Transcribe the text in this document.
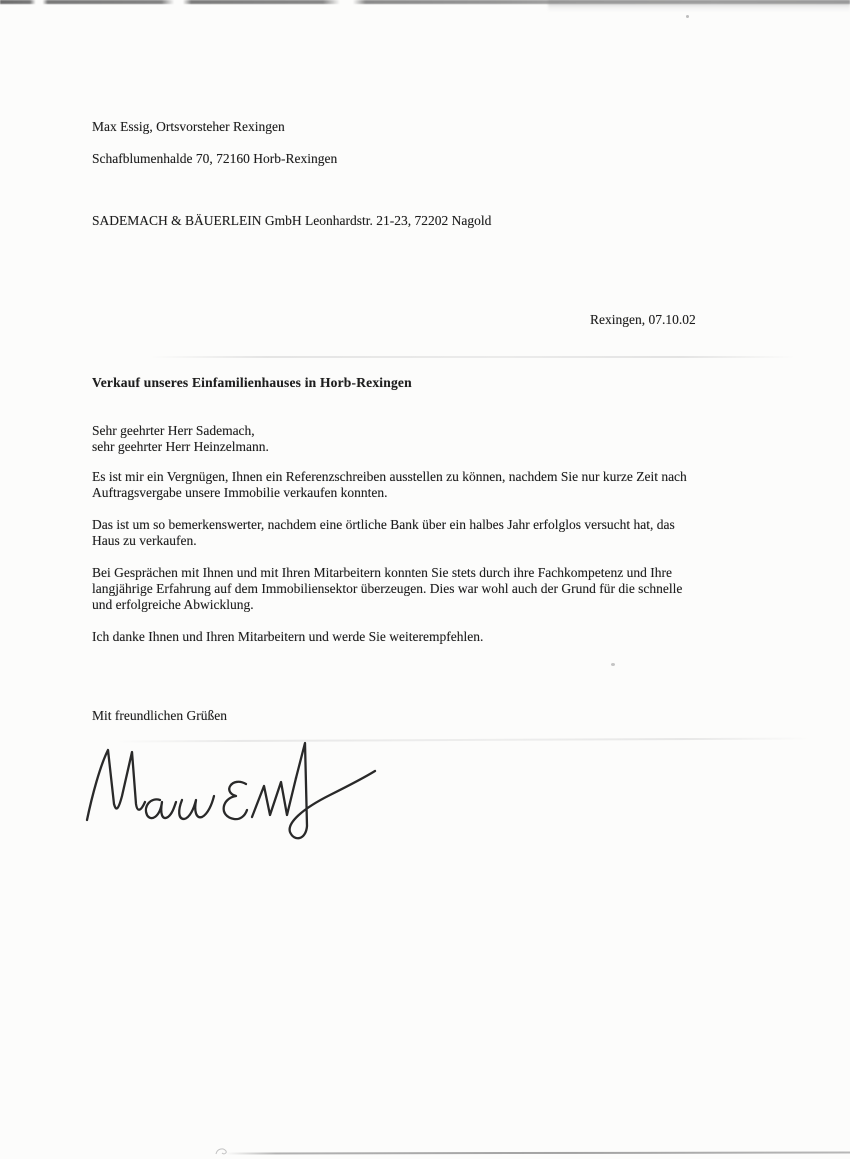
Max Essig, Ortsvorsteher Rexingen
Schafblumenhalde 70, 72160 Horb-Rexingen
SADEMACH & BÄUERLEIN GmbH Leonhardstr. 21-23, 72202 Nagold
Rexingen, 07.10.02
Verkauf unseres Einfamilienhauses in Horb-Rexingen
Sehr geehrter Herr Sademach,
sehr geehrter Herr Heinzelmann.
Es ist mir ein Vergnügen, Ihnen ein Referenzschreiben ausstellen zu können, nachdem Sie nur kurze Zeit nach
Auftragsvergabe unsere Immobilie verkaufen konnten.
Das ist um so bemerkenswerter, nachdem eine örtliche Bank über ein halbes Jahr erfolglos versucht hat, das
Haus zu verkaufen.
Bei Gesprächen mit Ihnen und mit Ihren Mitarbeitern konnten Sie stets durch ihre Fachkompetenz und Ihre
langjährige Erfahrung auf dem Immobiliensektor überzeugen. Dies war wohl auch der Grund für die schnelle
und erfolgreiche Abwicklung.
Ich danke Ihnen und Ihren Mitarbeitern und werde Sie weiterempfehlen.
Mit freundlichen Grüßen
